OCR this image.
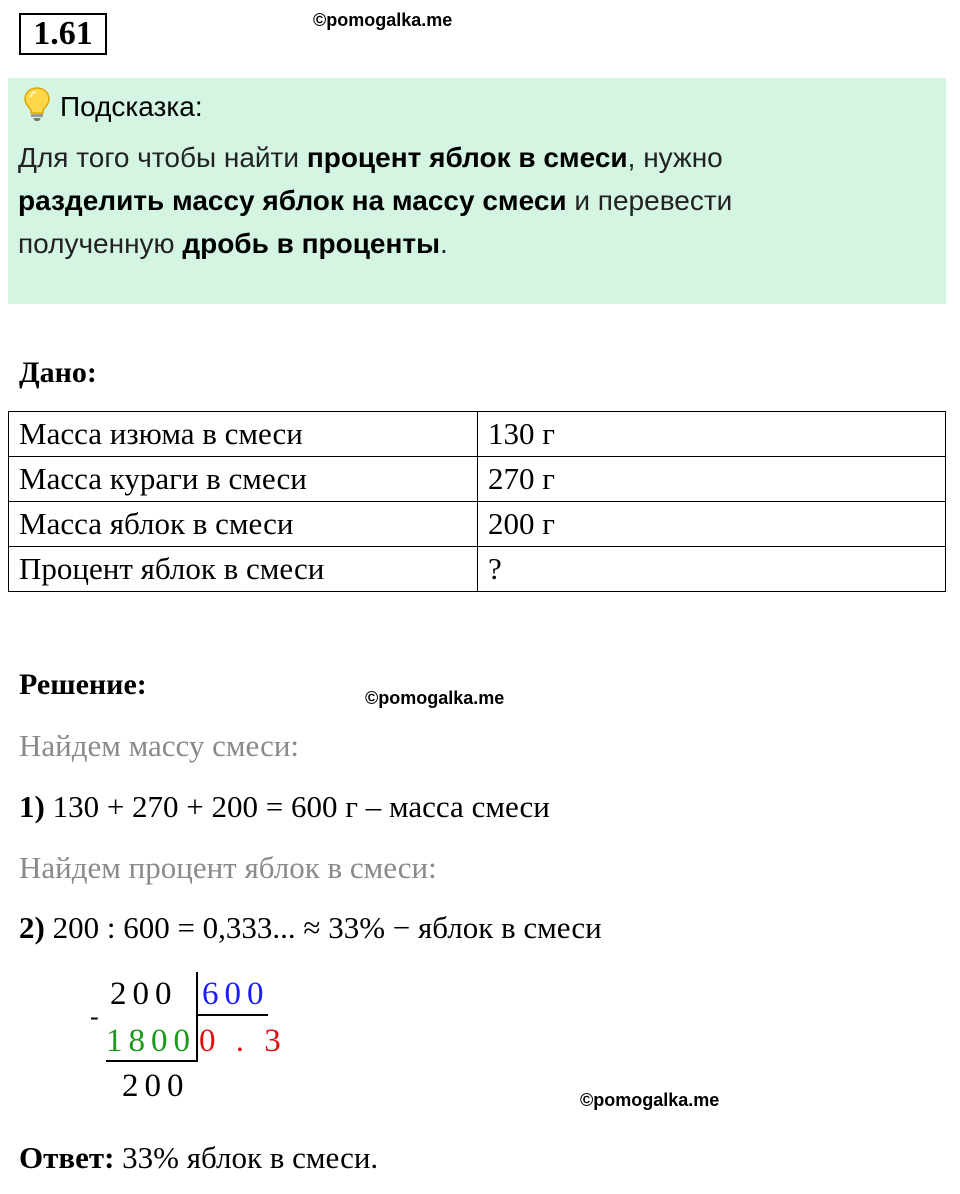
1.61	©pomogalka.me
Подсказка:
Для того чтобы найти процент яблок в смеси, нужно
разделить массу яблок на массу смеси и перевести
полученную дробь в проценты.
Дано:
Масса изюма в смеси	130 г
Масса кураги в смеси	270 г
Масса яблок в смеси	200 г
Процент яблок в смеси	?
Решение:	©pomogalka.me
Найдем массу смеси:
1) 130 + 270 + 200 = 600 г – масса смеси
Найдем процент яблок в смеси:
2) 200 : 600 = 0,333... ≈ 33% − яблок в смеси
200 600
-
1800 0 . 3
200	©pomogalka.me
Ответ: 33% яблок в смеси.
